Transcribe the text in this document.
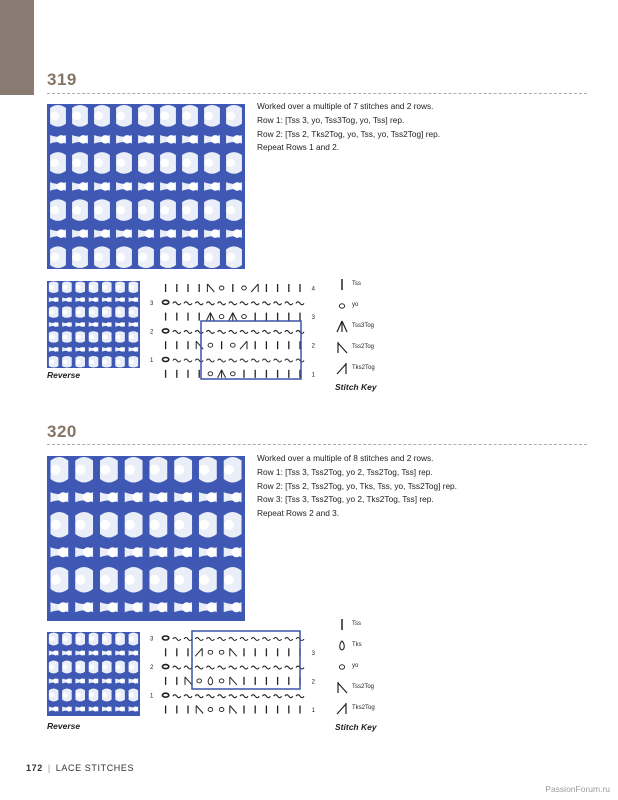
319
Worked over a multiple of 7 stitches and 2 rows.
Row 1: [Tss 3, yo, Tss3Tog, yo, Tss] rep.
Row 2: [Tss 2, Tks2Tog, yo, Tss, yo, Tss2Tog] rep.
Repeat Rows 1 and 2.
Reverse
4
3
3
2
2
1
1
Tss
yo
Tss3Tog
Tss2Tog
Tks2Tog
Stitch Key
320
Worked over a multiple of 8 stitches and 2 rows.
Row 1: [Tss 3, Tss2Tog, yo 2, Tss2Tog, Tss] rep.
Row 2: [Tss 2, Tss2Tog, yo, Tks, Tss, yo, Tss2Tog] rep.
Row 3: [Tss 3, Tss2Tog, yo 2, Tks2Tog, Tss] rep.
Repeat Rows 2 and 3.
Reverse
3
3
2
2
1
1
Tss
Tks
yo
Tss2Tog
Tks2Tog
Stitch Key
172 | LACE STITCHES
PassionForum.ru
